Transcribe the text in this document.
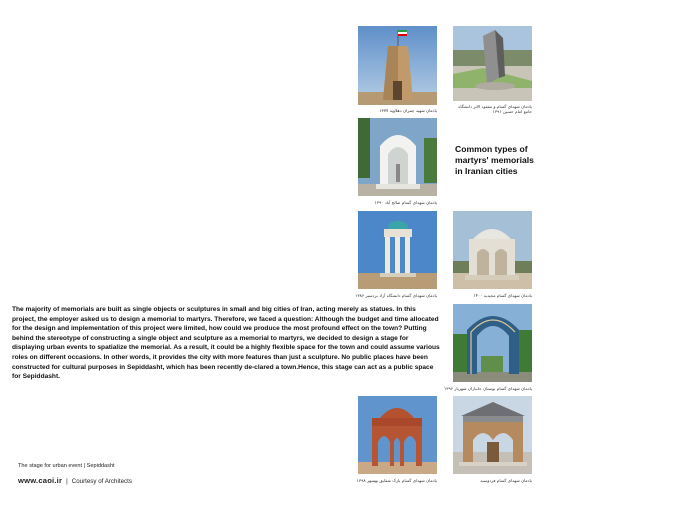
یادمان شهید چمران دهلاویه ۱۳۷۷
یادمان شهدای گمنام و مفقود الاثر دانشگاه جامع امام حسین ۱۳۹۱
یادمان شهدای گمنام صالح آباد ۱۳۹۰
Common types of
martyrs' memorials
in Iranian cities
یادمان شهدای گمنام دانشگاه آزاد بردسیر ۱۳۸۶	یادمان شهدای گمنام مجیدیه ۱۴۰۰
The majority of memorials are built as single objects or sculptures in small and big cities of Iran, acting merely as statues. In this project, the employer asked us to design a memorial to martyrs. Therefore, we faced a question: Although the budget and time allocated for the design and implementation of this project were limited, how could we produce the most profound effect on the town? Putting behind the stereotype of constructing a single object and sculpture as a memorial to martyrs, we decided to design a stage for displaying urban events to spatialize the memorial. As a result, it could be a highly flexible space for the town and could assume various roles on different occasions. In other words, it provides the city with more features than just a sculpture. No public places have been constructed for cultural purposes in Sepiddasht, which has been recently de-clared a town.Hence, this stage can act as a public space for Sepiddasht.
یادمان شهدای گمنام بوستان جانبازان شهریار ۱۳۹۶
یادمان شهدای گمنام پارک شقایق بهشهر ۱۳۹۸	یادمان شهدای گمنام فردوسیه
The stage for urban event | Sepiddasht
www.caoi.ir | Courtesy of Architects
